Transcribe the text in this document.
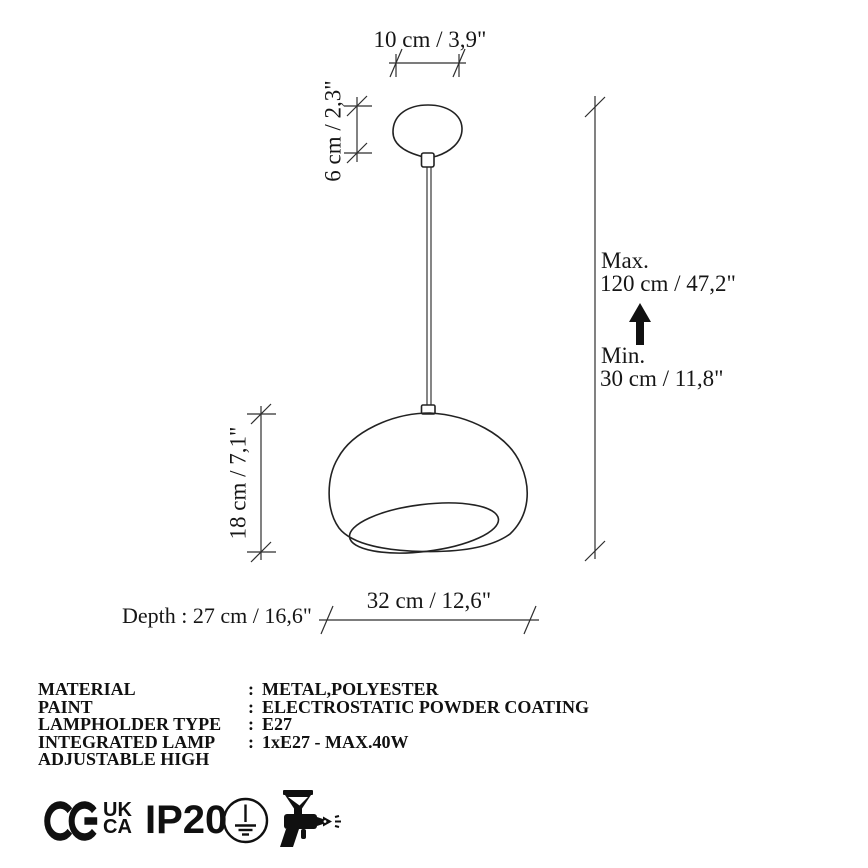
10 cm / 3,9"
6 cm / 2,3"
Max.
120 cm / 47,2"
Min.
30 cm / 11,8"
18 cm / 7,1"
32 cm / 12,6"
Depth : 27 cm / 16,6"
MATERIAL	: METAL,POLYESTER
PAINT	: ELECTROSTATIC POWDER COATING
LAMPHOLDER TYPE	: E27
INTEGRATED LAMP	: 1xE27 - MAX.40W
ADJUSTABLE HIGH
UK
CA IP20
